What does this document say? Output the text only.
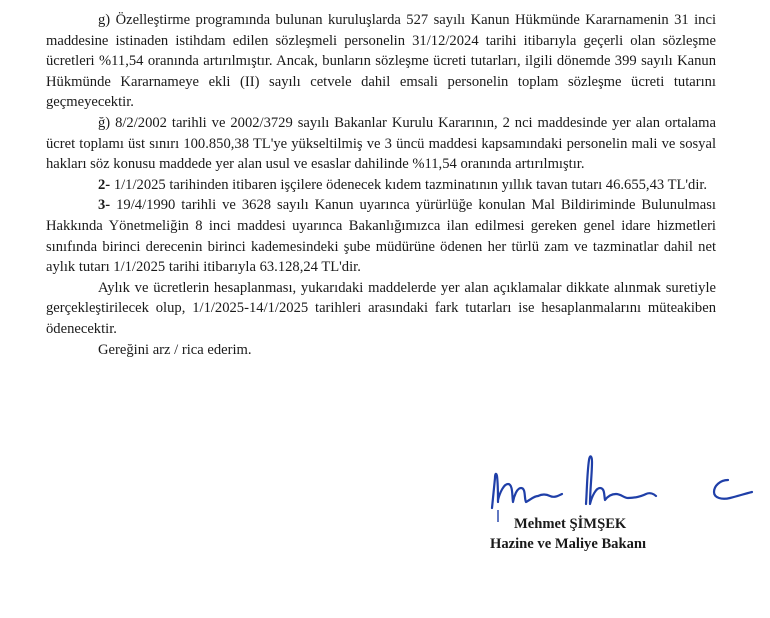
g) Özelleştirme programında bulunan kuruluşlarda 527 sayılı Kanun Hükmünde Kararnamenin 31 inci maddesine istinaden istihdam edilen sözleşmeli personelin 31/12/2024 tarihi itibarıyla geçerli olan sözleşme ücretleri %11,54 oranında artırılmıştır. Ancak, bunların sözleşme ücreti tutarları, ilgili dönemde 399 sayılı Kanun Hükmünde Kararnameye ekli (II) sayılı cetvele dahil emsali personelin toplam sözleşme ücreti tutarını geçmeyecektir.

ğ) 8/2/2002 tarihli ve 2002/3729 sayılı Bakanlar Kurulu Kararının, 2 nci maddesinde yer alan ortalama ücret toplamı üst sınırı 100.850,38 TL'ye yükseltilmiş ve 3 üncü maddesi kapsamındaki personelin mali ve sosyal hakları söz konusu maddede yer alan usul ve esaslar dahilinde %11,54 oranında artırılmıştır.

2- 1/1/2025 tarihinden itibaren işçilere ödenecek kıdem tazminatının yıllık tavan tutarı 46.655,43 TL'dir.

3- 19/4/1990 tarihli ve 3628 sayılı Kanun uyarınca yürürlüğe konulan Mal Bildiriminde Bulunulması Hakkında Yönetmeliğin 8 inci maddesi uyarınca Bakanlığımızca ilan edilmesi gereken genel idare hizmetleri sınıfında birinci derecenin birinci kademesindeki şube müdürüne ödenen her türlü zam ve tazminatlar dahil net aylık tutarı 1/1/2025 tarihi itibarıyla 63.128,24 TL'dir.

Aylık ve ücretlerin hesaplanması, yukarıdaki maddelerde yer alan açıklamalar dikkate alınmak suretiyle gerçekleştirilecek olup, 1/1/2025-14/1/2025 tarihleri arasındaki fark tutarları ise hesaplanmalarını müteakiben ödenecektir.

Gereğini arz / rica ederim.

Mehmet ŞİMŞEK
Hazine ve Maliye Bakanı
